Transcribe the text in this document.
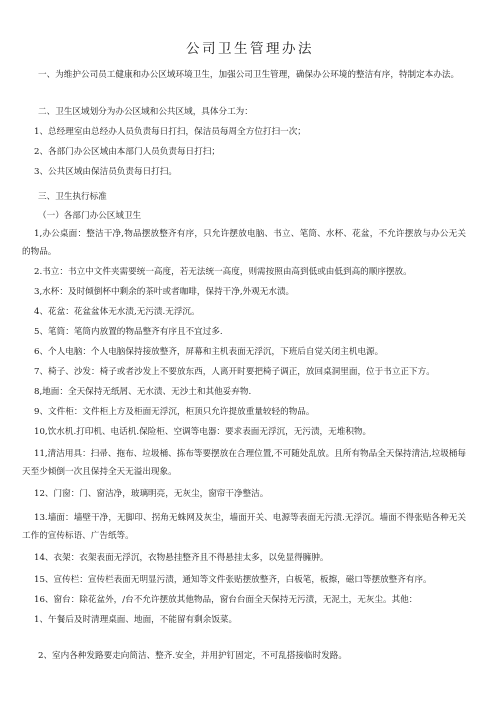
公司卫生管理办法
一、为维护公司员工健康和办公区域环境卫生，加强公司卫生管理，确保办公环境的整洁有序，特制定本办法。
二、卫生区域划分为办公区域和公共区域，具体分工为：
1、总经理室由总经办人员负责每日打扫，保洁员每周全方位打扫一次；
2、各部门办公区域由本部门人员负责每日打扫；
3、公共区域由保洁员负责每日打扫。
三、卫生执行标准
（一）各部门办公区域卫生
1,办公桌面：整洁干净,物品摆放整齐有序，只允许摆放电脑、书立、笔筒、水杯、花盆，不允许摆放与办公无关的物品。
2.书立：书立中文件夹需要统一高度，若无法统一高度，则需按照由高到低或由低到高的顺序摆放。
3,水杯：及时倾倒杯中剩余的茶叶或者咖啡，保持干净,外观无水渍。
4、花盆：花盆盆体无水渍,无污渍.无浮沉。
5、笔筒：笔筒内放置的物品整齐有序且不宜过多.
6、个人电脑：个人电脑保持接放整齐，屏幕和主机表面无浮沉，下班后自觉关闭主机电源。
7、椅子、沙发：椅子或者沙发上不要放东西，人离开时要把椅子调正，放回桌洞里面，位于书立正下方。
8,地面：全天保持无纸屑、无水渍、无沙土和其他妥弃物.
9、文件柜：文件柜上方及柜面无浮沉，柜顶只允许提放重量较轻的物品。
10,饮水机.打印机、电话机.保险柜、空调等电器：要求表面无浮沉，无污渍，无堆积物。
11,清洁用具：扫帚、拖布、垃圾桶、拣布等要摆放在合理位置,不可随处乱放。且所有物品全天保持清洁,垃圾桶每天至少倾倒一次且保持全天无溢出现象。
12、门窗：门、窗洁净，玻璃明亮，无灰尘，窗帘干净整洁。
13.墙面：墙壁干净，无脚印、拐角无蛛网及灰尘，墙面开关、电源等表面无污渍.无浮沉。墙面不得张贴各种无关工作的宣传标语、广告纸等。
14、衣架：衣架表面无浮沉，衣物悬挂整齐且不得悬挂太多，以免显得臃肿。
15、宣传栏：宣传栏表面无明显污渍，通知等文件张贴摆放整齐，白板笔，板擦，磁口等摆放整齐有序。
16、窗台：除花盆外，/台不允许摆放其他物品，窗台台面全天保持无污渍，无泥土，无灰尘。其他：
1、午餐后及时清理桌面、地面，不能留有剩余饭菜。
2、室内各种发路要走向简洁、整齐.安全，并用护钉固定，不可乱搭接临时发路。
